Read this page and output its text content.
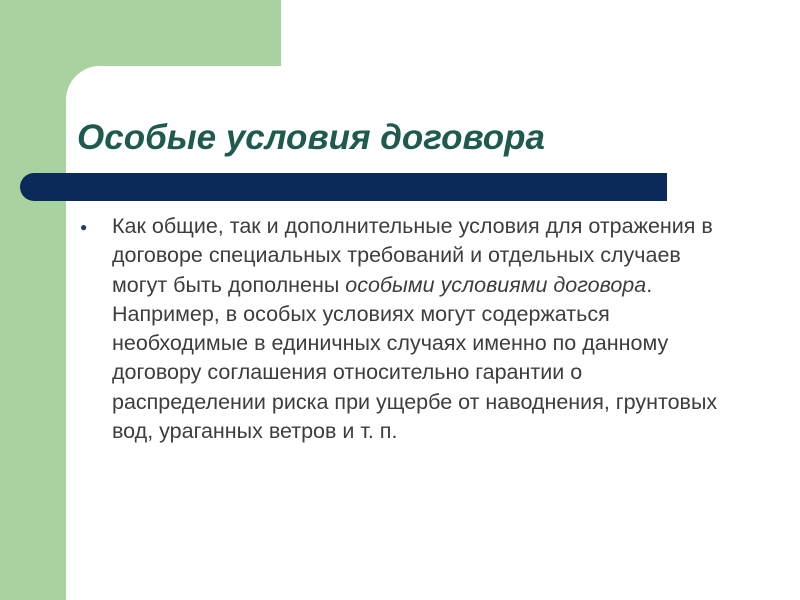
Особые условия договора
● Как общие, так и дополнительные условия для отражения в договоре специальных требований и отдельных случаев могут быть дополнены особыми условиями договора. Например, в особых условиях могут содержаться необходимые в единичных случаях именно по данному договору соглашения относительно гарантии о распределении риска при ущербе от наводнения, грунтовых вод, ураганных ветров и т. п.
